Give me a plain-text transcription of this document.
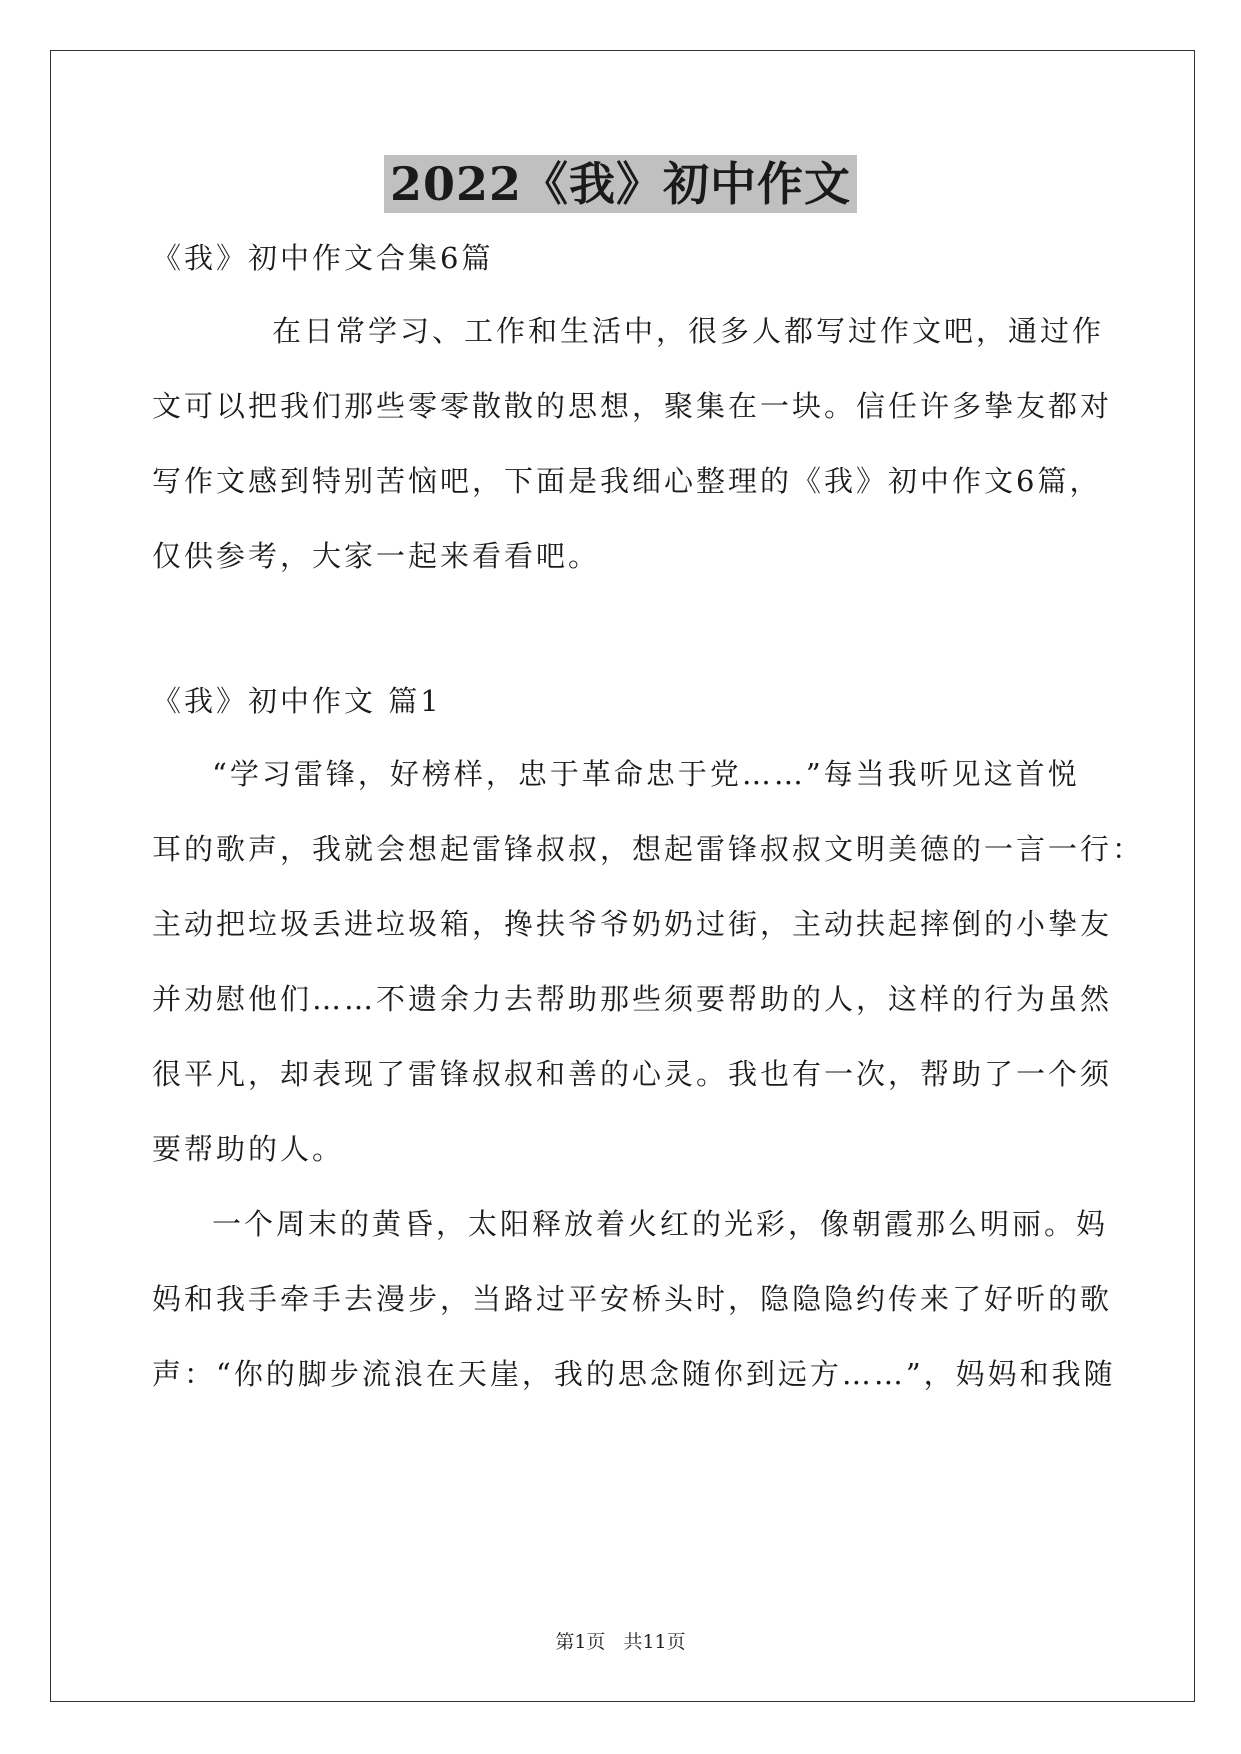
2022《我》初中作文
《我》初中作文合集6篇
在日常学习、工作和生活中，很多人都写过作文吧，通过作
文可以把我们那些零零散散的思想，聚集在一块。信任许多挚友都对
写作文感到特别苦恼吧，下面是我细心整理的《我》初中作文6篇，
仅供参考，大家一起来看看吧。
《我》初中作文 篇1
“学习雷锋，好榜样，忠于革命忠于党……”每当我听见这首悦
耳的歌声，我就会想起雷锋叔叔，想起雷锋叔叔文明美德的一言一行：
主动把垃圾丢进垃圾箱，搀扶爷爷奶奶过街，主动扶起摔倒的小挚友
并劝慰他们……不遗余力去帮助那些须要帮助的人，这样的行为虽然
很平凡，却表现了雷锋叔叔和善的心灵。我也有一次，帮助了一个须
要帮助的人。
一个周末的黄昏，太阳释放着火红的光彩，像朝霞那么明丽。妈
妈和我手牵手去漫步，当路过平安桥头时，隐隐隐约传来了好听的歌
声：“你的脚步流浪在天崖，我的思念随你到远方……”，妈妈和我随
第1页 共11页
